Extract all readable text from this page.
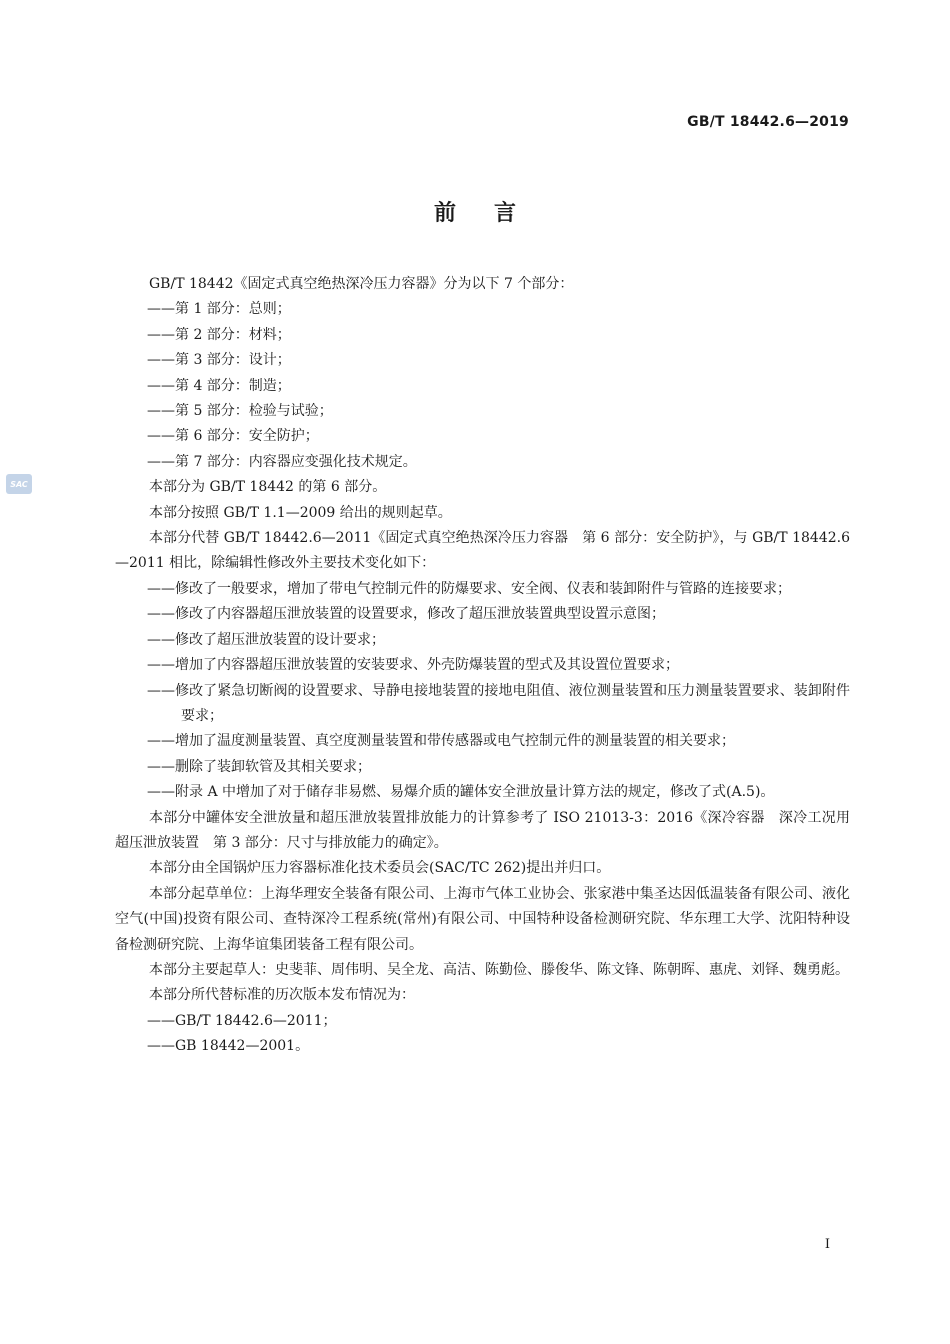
GB/T 18442.6—2019
前言
SAC

GB/T 18442《固定式真空绝热深冷压力容器》分为以下 7 个部分：

——第 1 部分：总则；

——第 2 部分：材料；

——第 3 部分：设计；

——第 4 部分：制造；

——第 5 部分：检验与试验；

——第 6 部分：安全防护；

——第 7 部分：内容器应变强化技术规定。

本部分为 GB/T 18442 的第 6 部分。

本部分按照 GB/T 1.1—2009 给出的规则起草。

本部分代替 GB/T 18442.6—2011《固定式真空绝热深冷压力容器　第 6 部分：安全防护》，与 GB/T 18442.6—2011 相比，除编辑性修改外主要技术变化如下：

——修改了一般要求，增加了带电气控制元件的防爆要求、安全阀、仪表和装卸附件与管路的连接要求；

——修改了内容器超压泄放装置的设置要求，修改了超压泄放装置典型设置示意图；

——修改了超压泄放装置的设计要求；

——增加了内容器超压泄放装置的安装要求、外壳防爆装置的型式及其设置位置要求；

——修改了紧急切断阀的设置要求、导静电接地装置的接地电阻值、液位测量装置和压力测量装置要求、装卸附件要求；

——增加了温度测量装置、真空度测量装置和带传感器或电气控制元件的测量装置的相关要求；

——删除了装卸软管及其相关要求；

——附录 A 中增加了对于储存非易燃、易爆介质的罐体安全泄放量计算方法的规定，修改了式(A.5)。

本部分中罐体安全泄放量和超压泄放装置排放能力的计算参考了 ISO 21013-3：2016《深冷容器　深冷工况用超压泄放装置　第 3 部分：尺寸与排放能力的确定》。

本部分由全国锅炉压力容器标准化技术委员会(SAC/TC 262)提出并归口。

本部分起草单位：上海华理安全装备有限公司、上海市气体工业协会、张家港中集圣达因低温装备有限公司、液化空气(中国)投资有限公司、查特深冷工程系统(常州)有限公司、中国特种设备检测研究院、华东理工大学、沈阳特种设备检测研究院、上海华谊集团装备工程有限公司。

本部分主要起草人：史斐菲、周伟明、吴全龙、高洁、陈勤俭、滕俊华、陈文锋、陈朝晖、惠虎、刘铎、魏勇彪。

本部分所代替标准的历次版本发布情况为：

——GB/T 18442.6—2011；

——GB 18442—2001。

I
